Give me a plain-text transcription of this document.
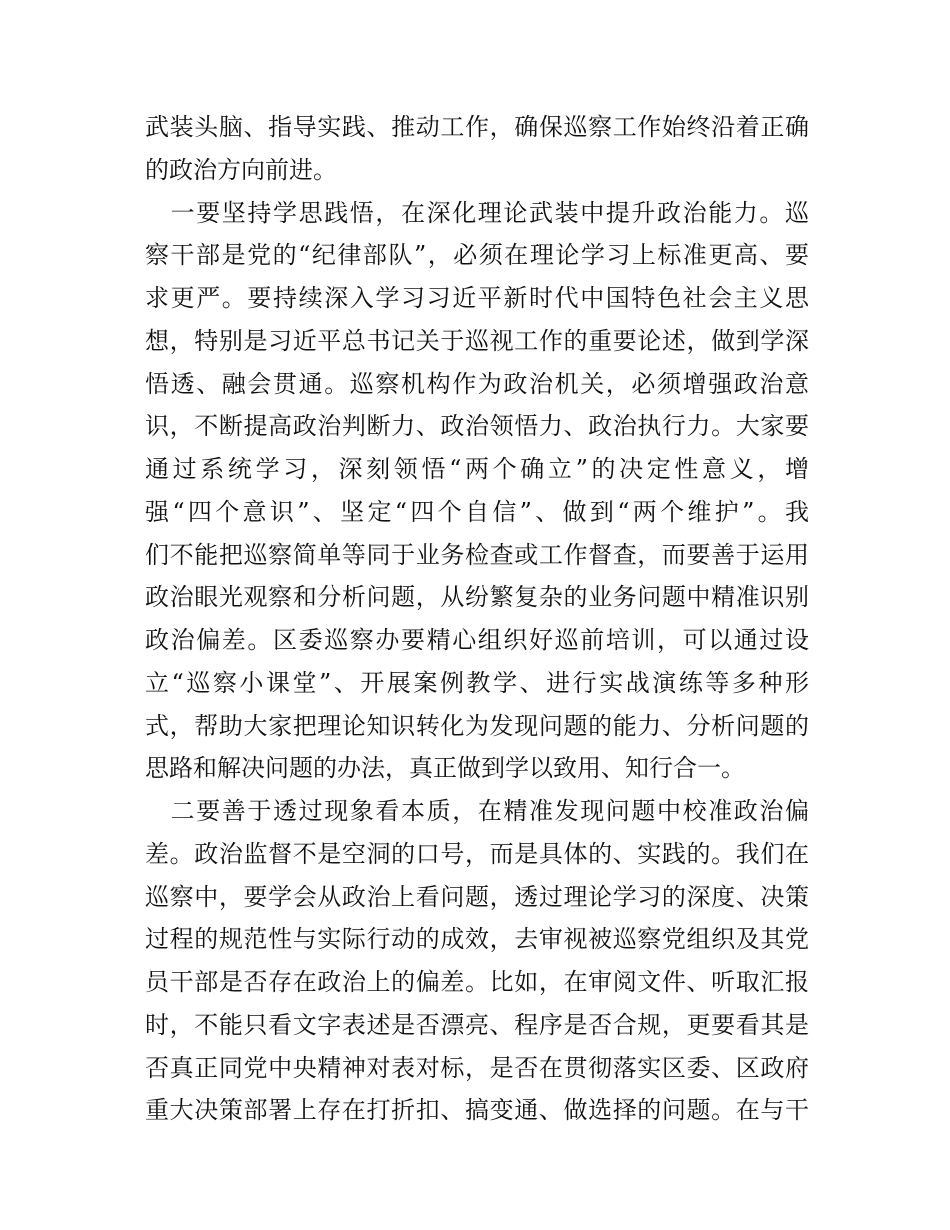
武装头脑、指导实践、推动工作，确保巡察工作始终沿着正确
的政治方向前进。
　一要坚持学思践悟，在深化理论武装中提升政治能力。巡
察干部是党的“纪律部队”，必须在理论学习上标准更高、要
求更严。要持续深入学习习近平新时代中国特色社会主义思
想，特别是习近平总书记关于巡视工作的重要论述，做到学深
悟透、融会贯通。巡察机构作为政治机关，必须增强政治意
识，不断提高政治判断力、政治领悟力、政治执行力。大家要
通过系统学习，深刻领悟“两个确立”的决定性意义，增
强“四个意识”、坚定“四个自信”、做到“两个维护”。我
们不能把巡察简单等同于业务检查或工作督查，而要善于运用
政治眼光观察和分析问题，从纷繁复杂的业务问题中精准识别
政治偏差。区委巡察办要精心组织好巡前培训，可以通过设
立“巡察小课堂”、开展案例教学、进行实战演练等多种形
式，帮助大家把理论知识转化为发现问题的能力、分析问题的
思路和解决问题的办法，真正做到学以致用、知行合一。
　二要善于透过现象看本质，在精准发现问题中校准政治偏
差。政治监督不是空洞的口号，而是具体的、实践的。我们在
巡察中，要学会从政治上看问题，透过理论学习的深度、决策
过程的规范性与实际行动的成效，去审视被巡察党组织及其党
员干部是否存在政治上的偏差。比如，在审阅文件、听取汇报
时，不能只看文字表述是否漂亮、程序是否合规，更要看其是
否真正同党中央精神对表对标，是否在贯彻落实区委、区政府
重大决策部署上存在打折扣、搞变通、做选择的问题。在与干
